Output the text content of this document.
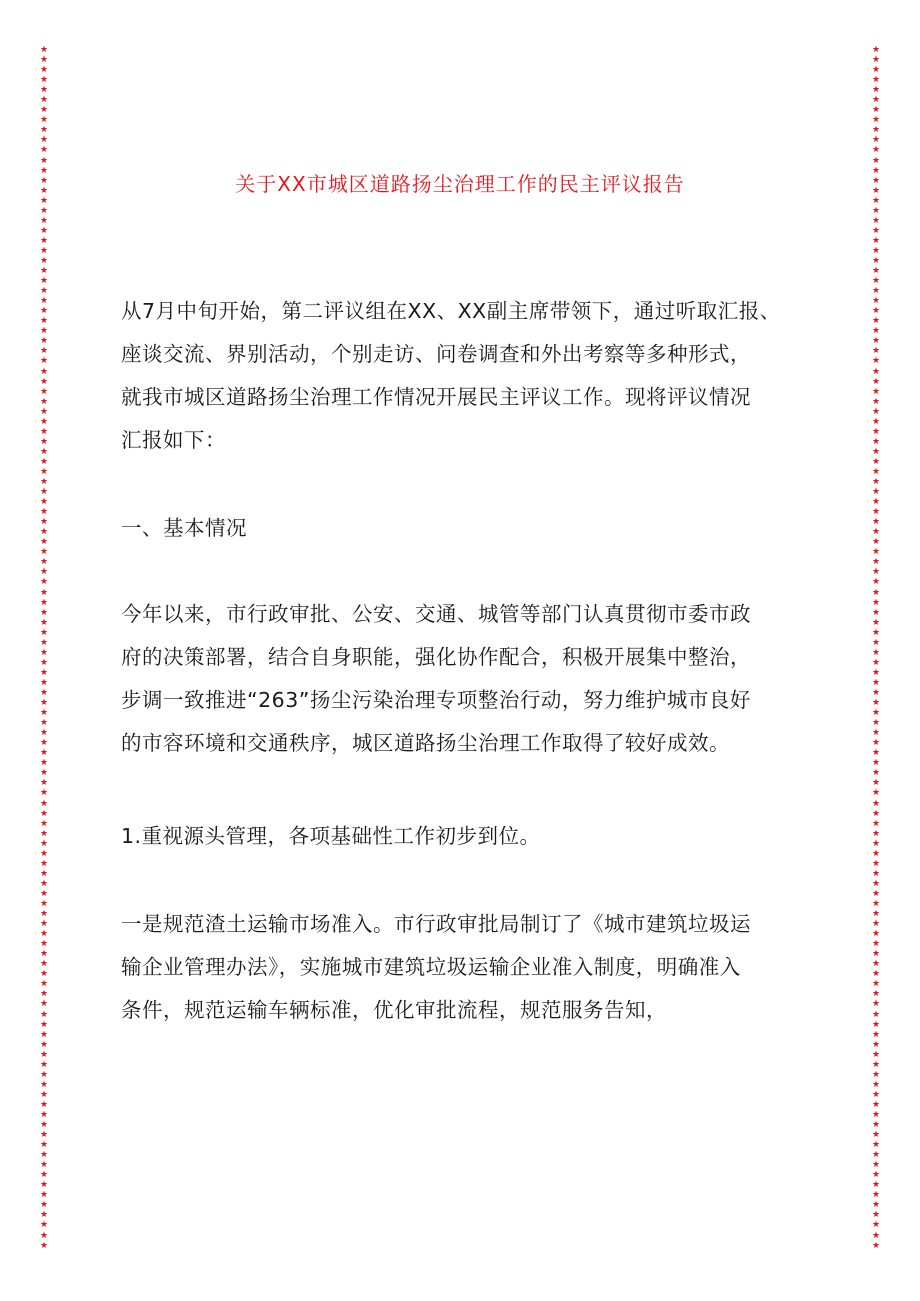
★
★
★
★
★
★
★
★
★
★
★
★
★
★
★
★
★
★
★
★
★
★
★
★
★
★
★
★
★
★
★
★
★
★
★
★
★
★
★
★
★
★
★
★
★
★
★
★
★
★
★
★
★
★
★
★
★
★
★
★
★
★
★
★
★
★
★
★
★
★
★
★
★
★
★
★
★
★
★
★
★
★
★
★
★
★
★
★
★
★
★
★
★
★
★
★
★
★
★
★
★
★
★
★
★
★
★
★
★
★
★
★
★
★
★
★
★
★
★
★
★
★
★
★
★
★
★
★
★
★
★
★
★
★
★
★
★
★
★
★
★
★
★
★
★
★
★
★
★
★
★
★
★
★
★
★
★
★
★
★
★
★
★
★
★
★
★
★
★
★
★
★
★
★
★
★
★
★
★
★
★
★
★
★
★
★
★
★
★
★
★
★
★
★
★
★
★
★
★
★
★
★
★
★
★
★
★
★
★
★
★
★
★
★
★
★
★
★
★
★
★
★
★
★
★
★
★
★
★
★
★
★
★
★
★
★
★
★
★
★
关于XX市城区道路扬尘治理工作的民主评议报告
从7月中旬开始，第二评议组在XX、XX副主席带领下，通过听取汇报、
座谈交流、界别活动，个别走访、问卷调查和外出考察等多种形式，
就我市城区道路扬尘治理工作情况开展民主评议工作。现将评议情况
汇报如下：
一、基本情况
今年以来，市行政审批、公安、交通、城管等部门认真贯彻市委市政
府的决策部署，结合自身职能，强化协作配合，积极开展集中整治，
步调一致推进“263”扬尘污染治理专项整治行动，努力维护城市良好
的市容环境和交通秩序，城区道路扬尘治理工作取得了较好成效。
1.重视源头管理，各项基础性工作初步到位。
一是规范渣土运输市场准入。市行政审批局制订了《城市建筑垃圾运
输企业管理办法》，实施城市建筑垃圾运输企业准入制度，明确准入
条件，规范运输车辆标准，优化审批流程，规范服务告知，
